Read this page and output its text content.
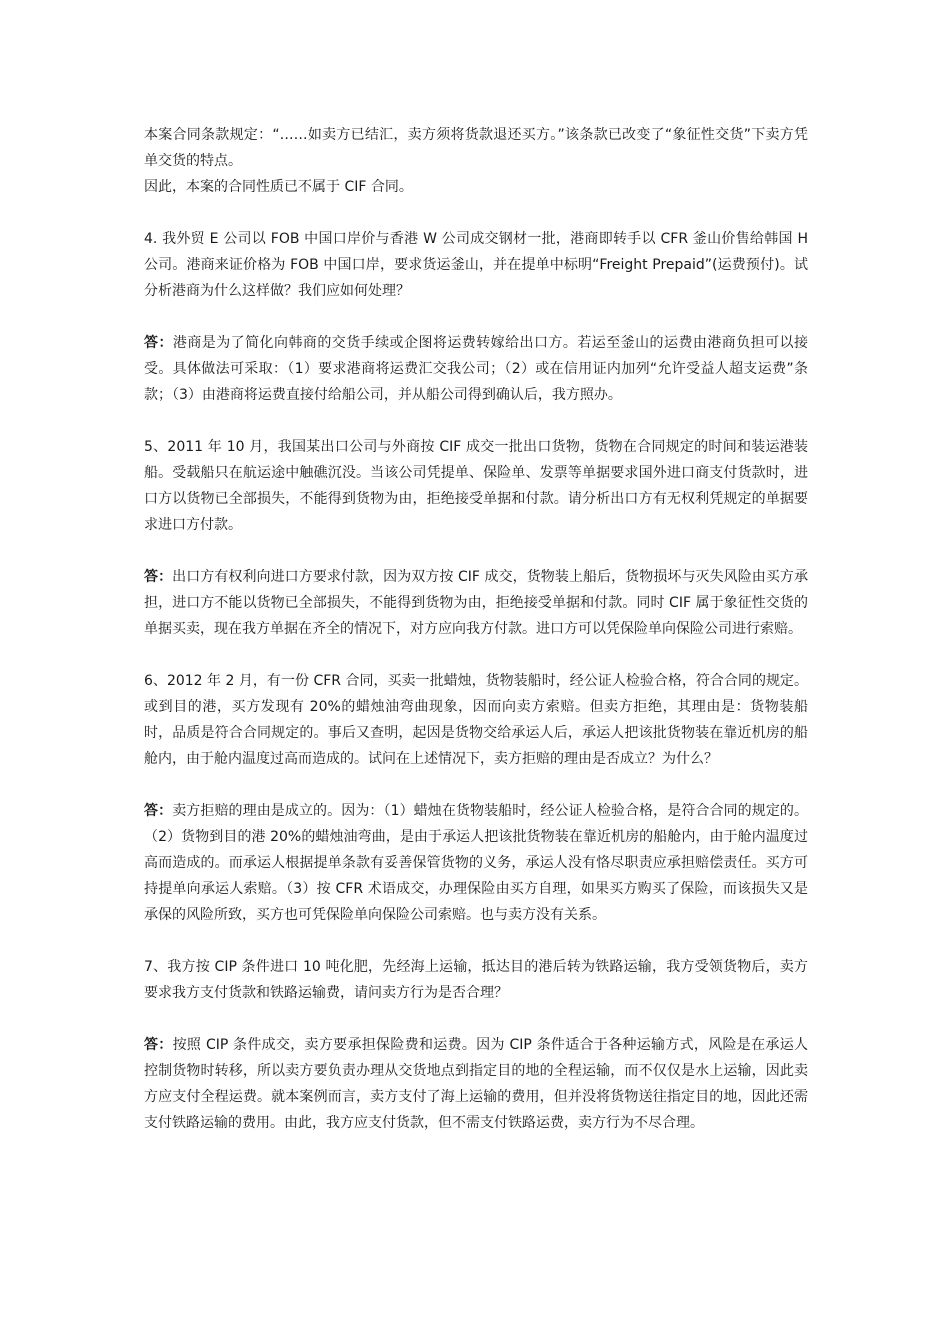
本案合同条款规定：“……如卖方已结汇，卖方须将货款退还买方。”该条款已改变了“象征性交货”下卖方凭单交货的特点。

因此，本案的合同性质已不属于 CIF 合同。

4. 我外贸 E 公司以 FOB 中国口岸价与香港 W 公司成交钢材一批，港商即转手以 CFR 釜山价售给韩国 H 公司。港商来证价格为 FOB 中国口岸，要求货运釜山，并在提单中标明“Freight Prepaid”(运费预付)。试分析港商为什么这样做？我们应如何处理？

答：港商是为了简化向韩商的交货手续或企图将运费转嫁给出口方。若运至釜山的运费由港商负担可以接受。具体做法可采取：（1）要求港商将运费汇交我公司；（2）或在信用证内加列“允许受益人超支运费”条款；（3）由港商将运费直接付给船公司，并从船公司得到确认后，我方照办。

5、2011 年 10 月，我国某出口公司与外商按 CIF 成交一批出口货物，货物在合同规定的时间和装运港装船。受载船只在航运途中触礁沉没。当该公司凭提单、保险单、发票等单据要求国外进口商支付货款时，进口方以货物已全部损失，不能得到货物为由，拒绝接受单据和付款。请分析出口方有无权利凭规定的单据要求进口方付款。

答：出口方有权利向进口方要求付款，因为双方按 CIF 成交，货物装上船后，货物损坏与灭失风险由买方承担，进口方不能以货物已全部损失，不能得到货物为由，拒绝接受单据和付款。同时 CIF 属于象征性交货的单据买卖，现在我方单据在齐全的情况下，对方应向我方付款。进口方可以凭保险单向保险公司进行索赔。

6、2012 年 2 月，有一份 CFR 合同，买卖一批蜡烛，货物装船时，经公证人检验合格，符合合同的规定。或到目的港，买方发现有 20%的蜡烛油弯曲现象，因而向卖方索赔。但卖方拒绝，其理由是：货物装船时，品质是符合合同规定的。事后又查明，起因是货物交给承运人后，承运人把该批货物装在靠近机房的船舱内，由于舱内温度过高而造成的。试问在上述情况下，卖方拒赔的理由是否成立？为什么？

答：卖方拒赔的理由是成立的。因为：（1）蜡烛在货物装船时，经公证人检验合格，是符合合同的规定的。（2）货物到目的港 20%的蜡烛油弯曲，是由于承运人把该批货物装在靠近机房的船舱内，由于舱内温度过高而造成的。而承运人根据提单条款有妥善保管货物的义务，承运人没有恪尽职责应承担赔偿责任。买方可持提单向承运人索赔。（3）按 CFR 术语成交，办理保险由买方自理，如果买方购买了保险，而该损失又是承保的风险所致，买方也可凭保险单向保险公司索赔。也与卖方没有关系。

7、我方按 CIP 条件进口 10 吨化肥，先经海上运输，抵达目的港后转为铁路运输，我方受领货物后，卖方要求我方支付货款和铁路运输费，请问卖方行为是否合理？

答：按照 CIP 条件成交，卖方要承担保险费和运费。因为 CIP 条件适合于各种运输方式，风险是在承运人控制货物时转移，所以卖方要负责办理从交货地点到指定目的地的全程运输，而不仅仅是水上运输，因此卖方应支付全程运费。就本案例而言，卖方支付了海上运输的费用，但并没将货物送往指定目的地，因此还需支付铁路运输的费用。由此，我方应支付货款，但不需支付铁路运费，卖方行为不尽合理。
